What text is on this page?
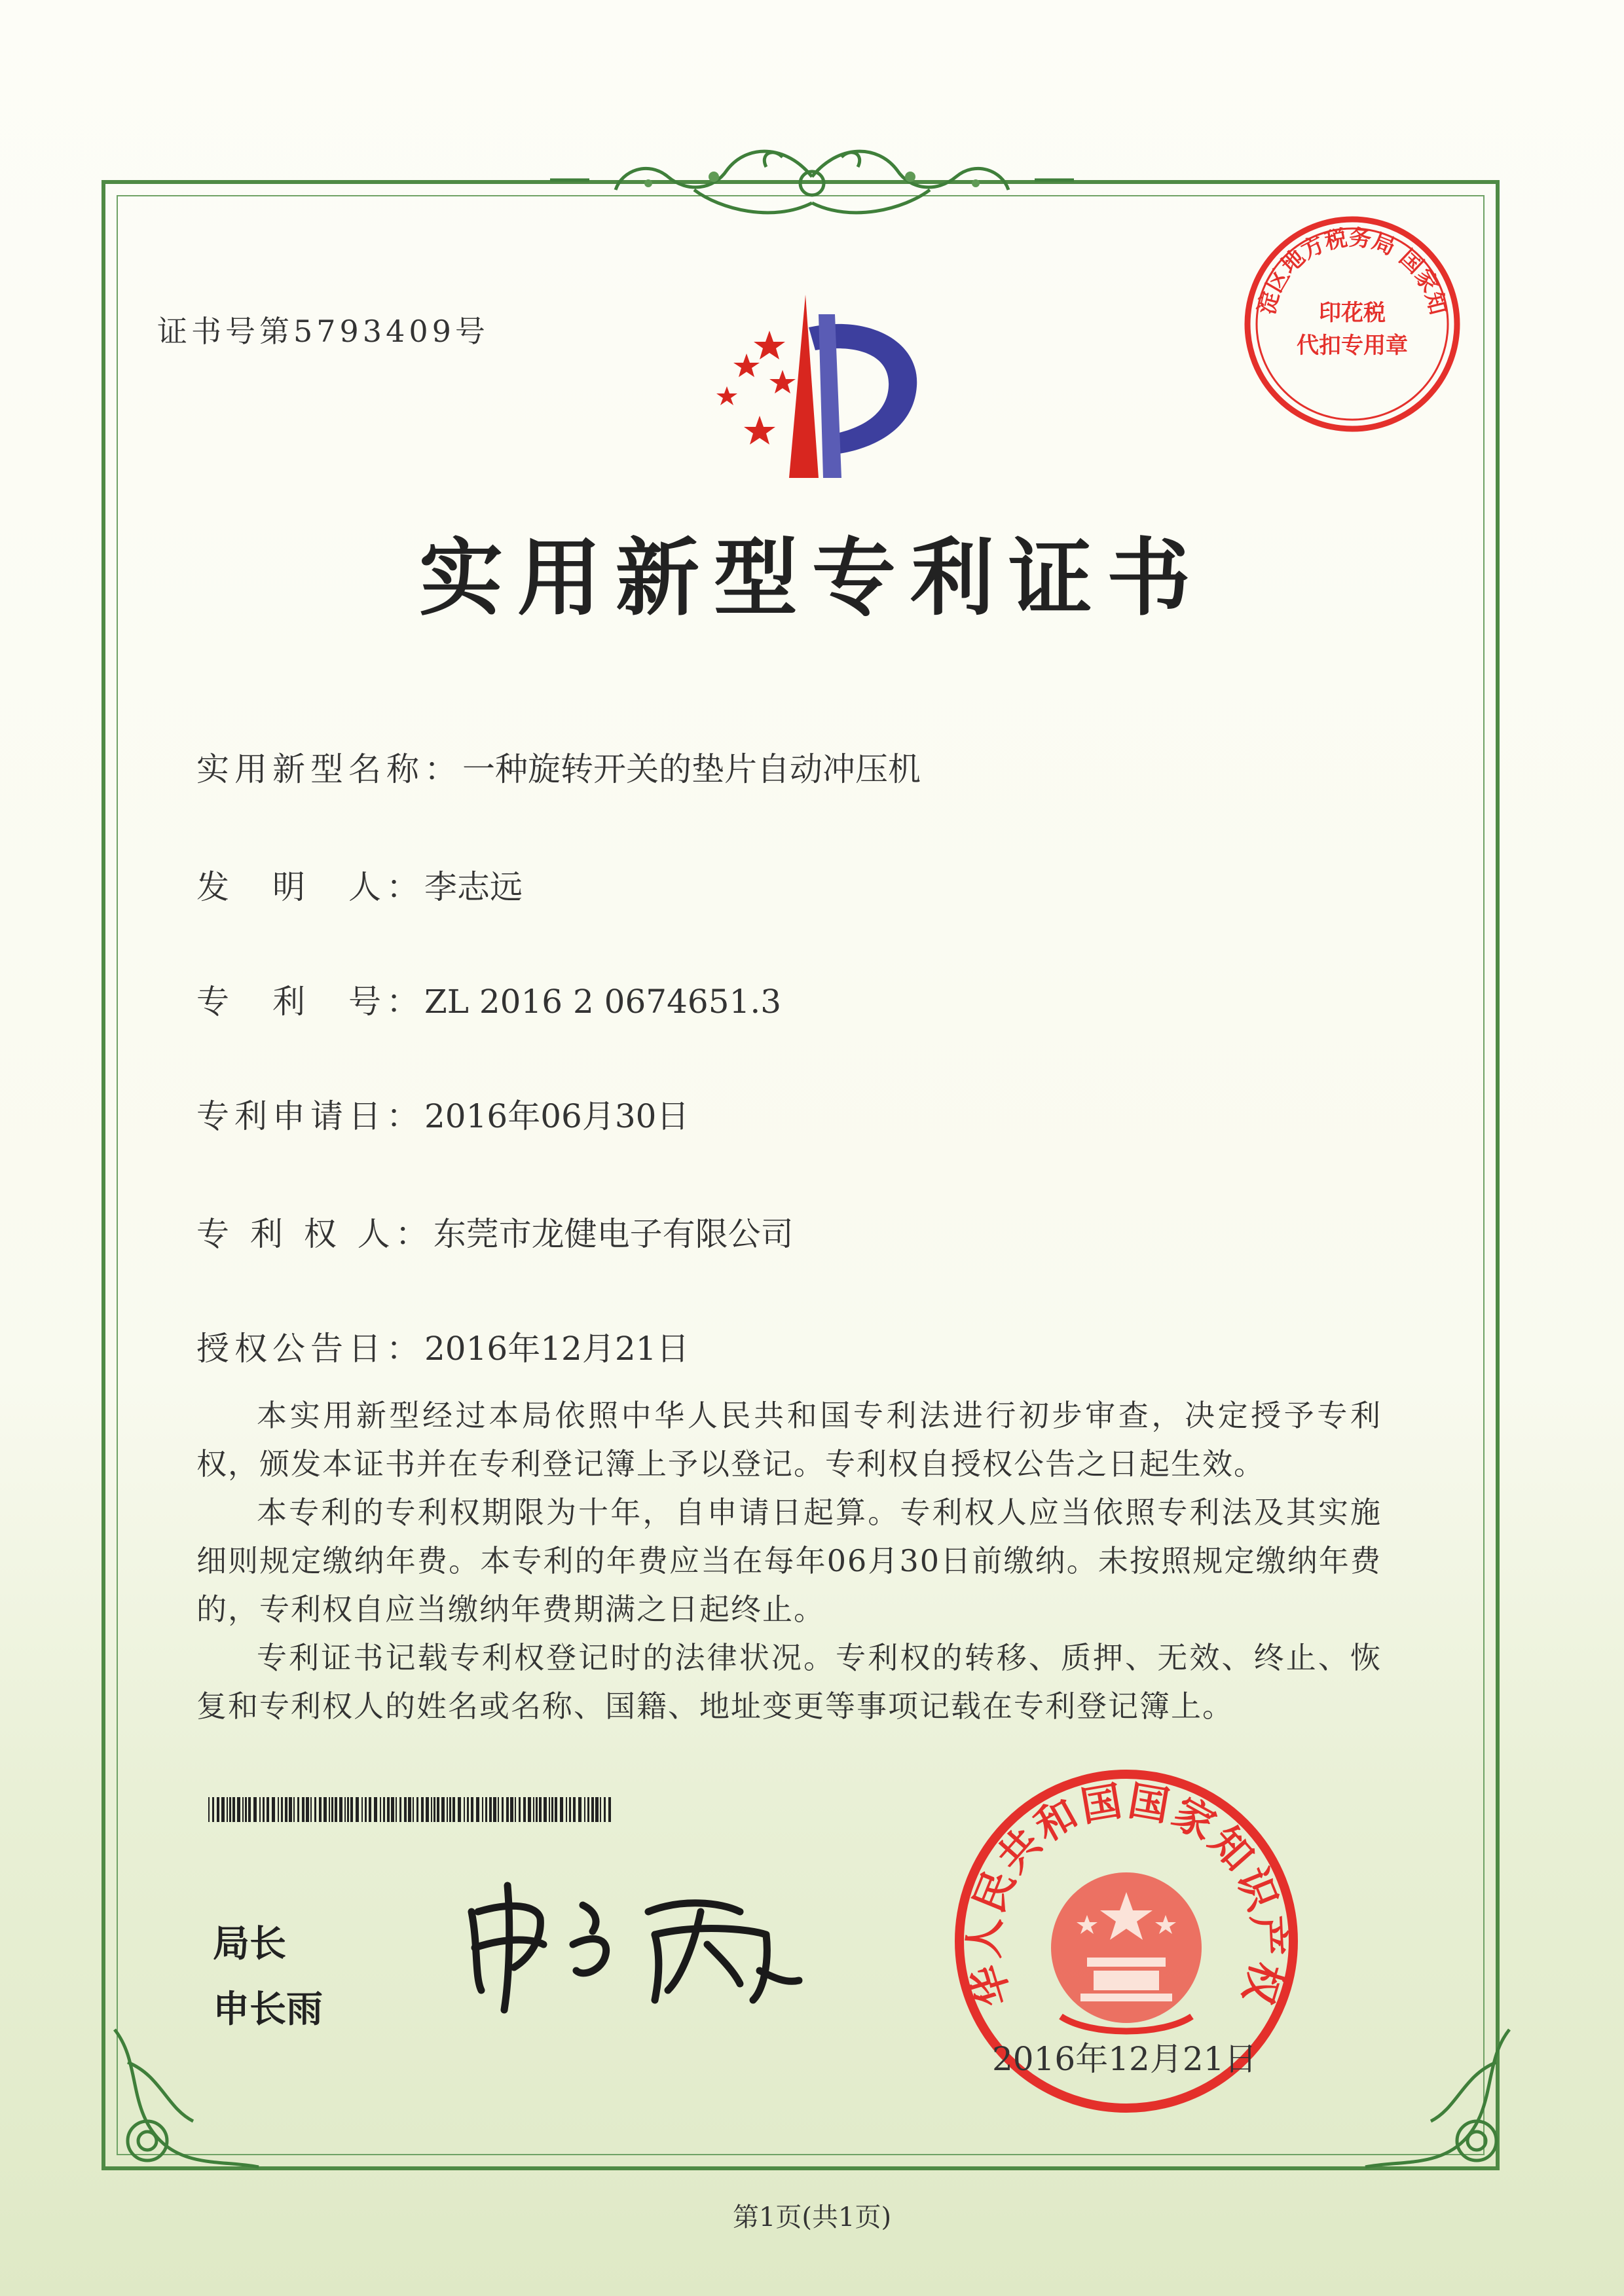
淀区地方税务局 国家知
印花税
代扣专用章
证书号第5793409号
实用新型专利证书
实用新型名称：一种旋转开关的垫片自动冲压机
发　明　人：李志远
专　利　号：ZL 2016 2 0674651.3
专利申请日：2016年06月30日
专 利 权 人：东莞市龙健电子有限公司
授权公告日：2016年12月21日

本实用新型经过本局依照中华人民共和国专利法进行初步审查，决定授予专利权，颁发本证书并在专利登记簿上予以登记。专利权自授权公告之日起生效。

本专利的专利权期限为十年，自申请日起算。专利权人应当依照专利法及其实施细则规定缴纳年费。本专利的年费应当在每年06月30日前缴纳。未按照规定缴纳年费的，专利权自应当缴纳年费期满之日起终止。

专利证书记载专利权登记时的法律状况。专利权的转移、质押、无效、终止、恢复和专利权人的姓名或名称、国籍、地址变更等事项记载在专利登记簿上。

局长
申长雨	华人民共和国国家知识产权
2016年12月21日
第1页(共1页)
